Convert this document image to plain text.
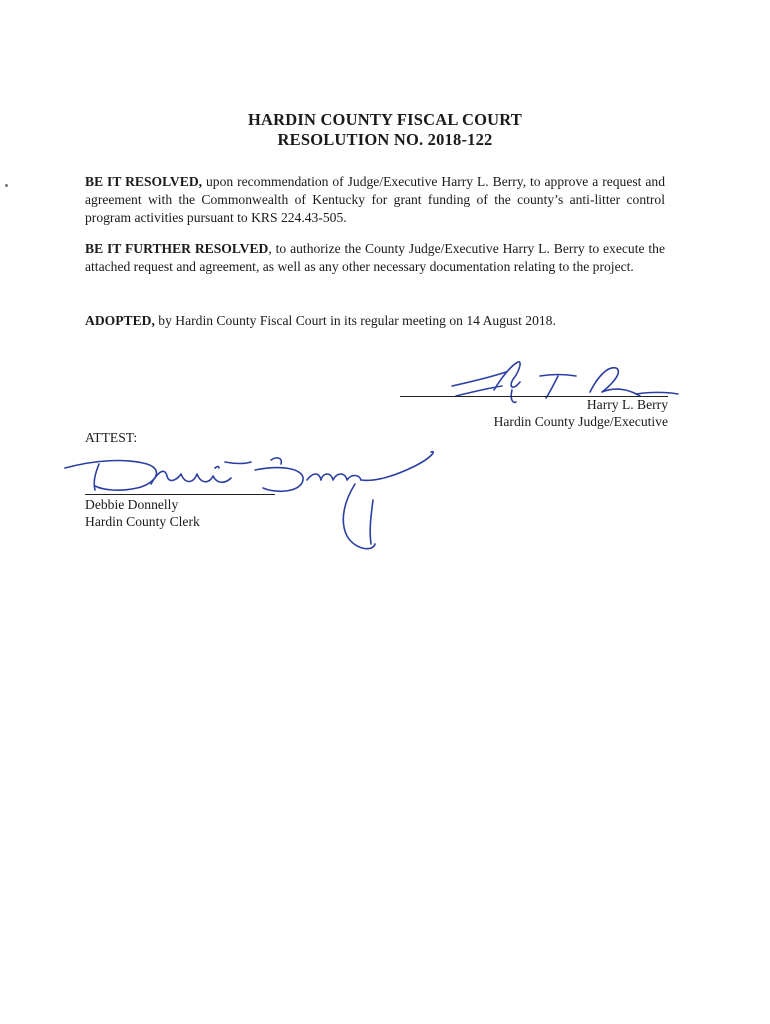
HARDIN COUNTY FISCAL COURT
RESOLUTION NO. 2018-122
BE IT RESOLVED, upon recommendation of Judge/Executive Harry L. Berry, to approve a request and agreement with the Commonwealth of Kentucky for grant funding of the county’s anti-litter control program activities pursuant to KRS 224.43-505.
BE IT FURTHER RESOLVED, to authorize the County Judge/Executive Harry L. Berry to execute the attached request and agreement, as well as any other necessary documentation relating to the project.
ADOPTED, by Hardin County Fiscal Court in its regular meeting on 14 August 2018.
Harry L. Berry
Hardin County Judge/Executive
ATTEST:
Debbie Donnelly
Hardin County Clerk
